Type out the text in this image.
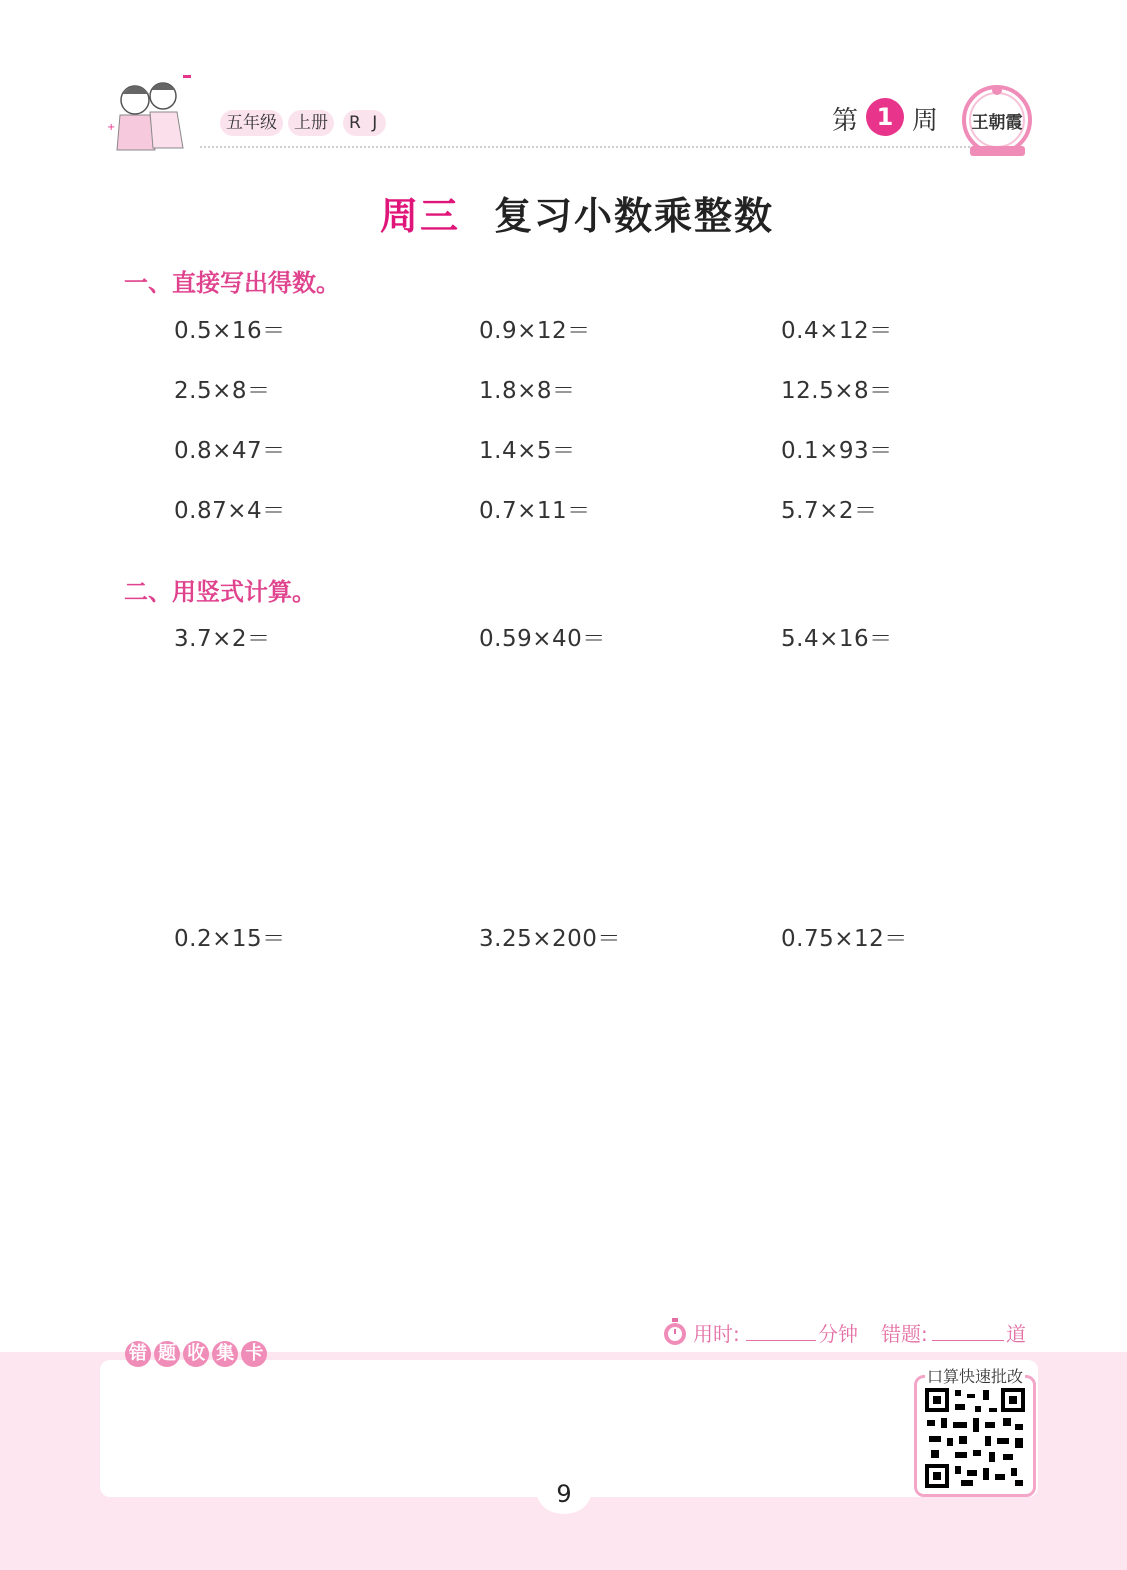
+	五年级	上册	R J	第 1 周 王朝霞
周三 复习小数乘整数
一、直接写出得数。
0.5×16＝	0.9×12＝	0.4×12＝
2.5×8＝	1.8×8＝	12.5×8＝
0.8×47＝	1.4×5＝	0.1×93＝
0.87×4＝	0.7×11＝	5.7×2＝
二、用竖式计算。
3.7×2＝	0.59×40＝	5.4×16＝
0.2×15＝	3.25×200＝	0.75×12＝
用时:	分钟 错题:	道
错 题 收 集 卡
口算快速批改
9
